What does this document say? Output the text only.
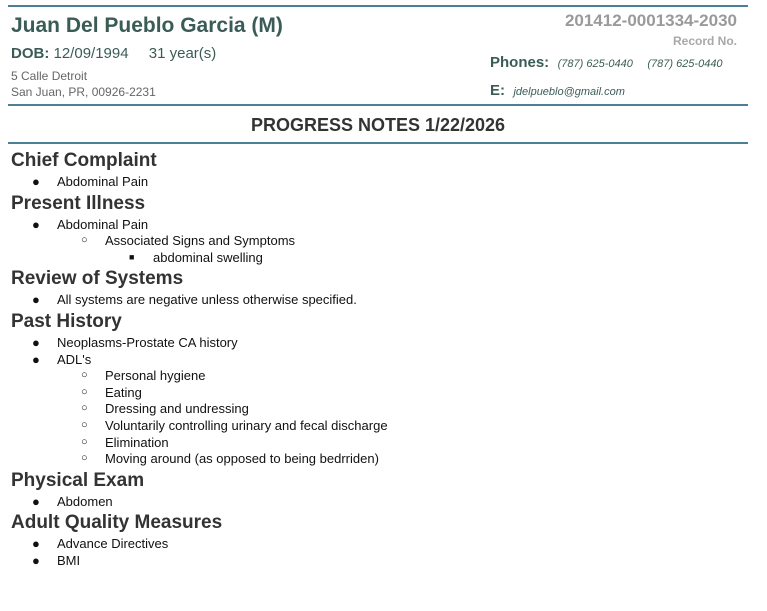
Juan Del Pueblo Garcia (M)
DOB: 12/09/1994 31 year(s)
5 Calle Detroit
San Juan, PR, 00926-2231
201412-0001334-2030
Record No.
Phones: (787) 625-0440 (787) 625-0440
E: jdelpueblo@gmail.com
PROGRESS NOTES 1/22/2026
Chief Complaint
● Abdominal Pain
Present Illness
● Abdominal Pain
○ Associated Signs and Symptoms
■ abdominal swelling
Review of Systems
● All systems are negative unless otherwise specified.
Past History
● Neoplasms-Prostate CA history
● ADL's
○ Personal hygiene
○ Eating
○ Dressing and undressing
○ Voluntarily controlling urinary and fecal discharge
○ Elimination
○ Moving around (as opposed to being bedrriden)
Physical Exam
● Abdomen
Adult Quality Measures
● Advance Directives
● BMI
